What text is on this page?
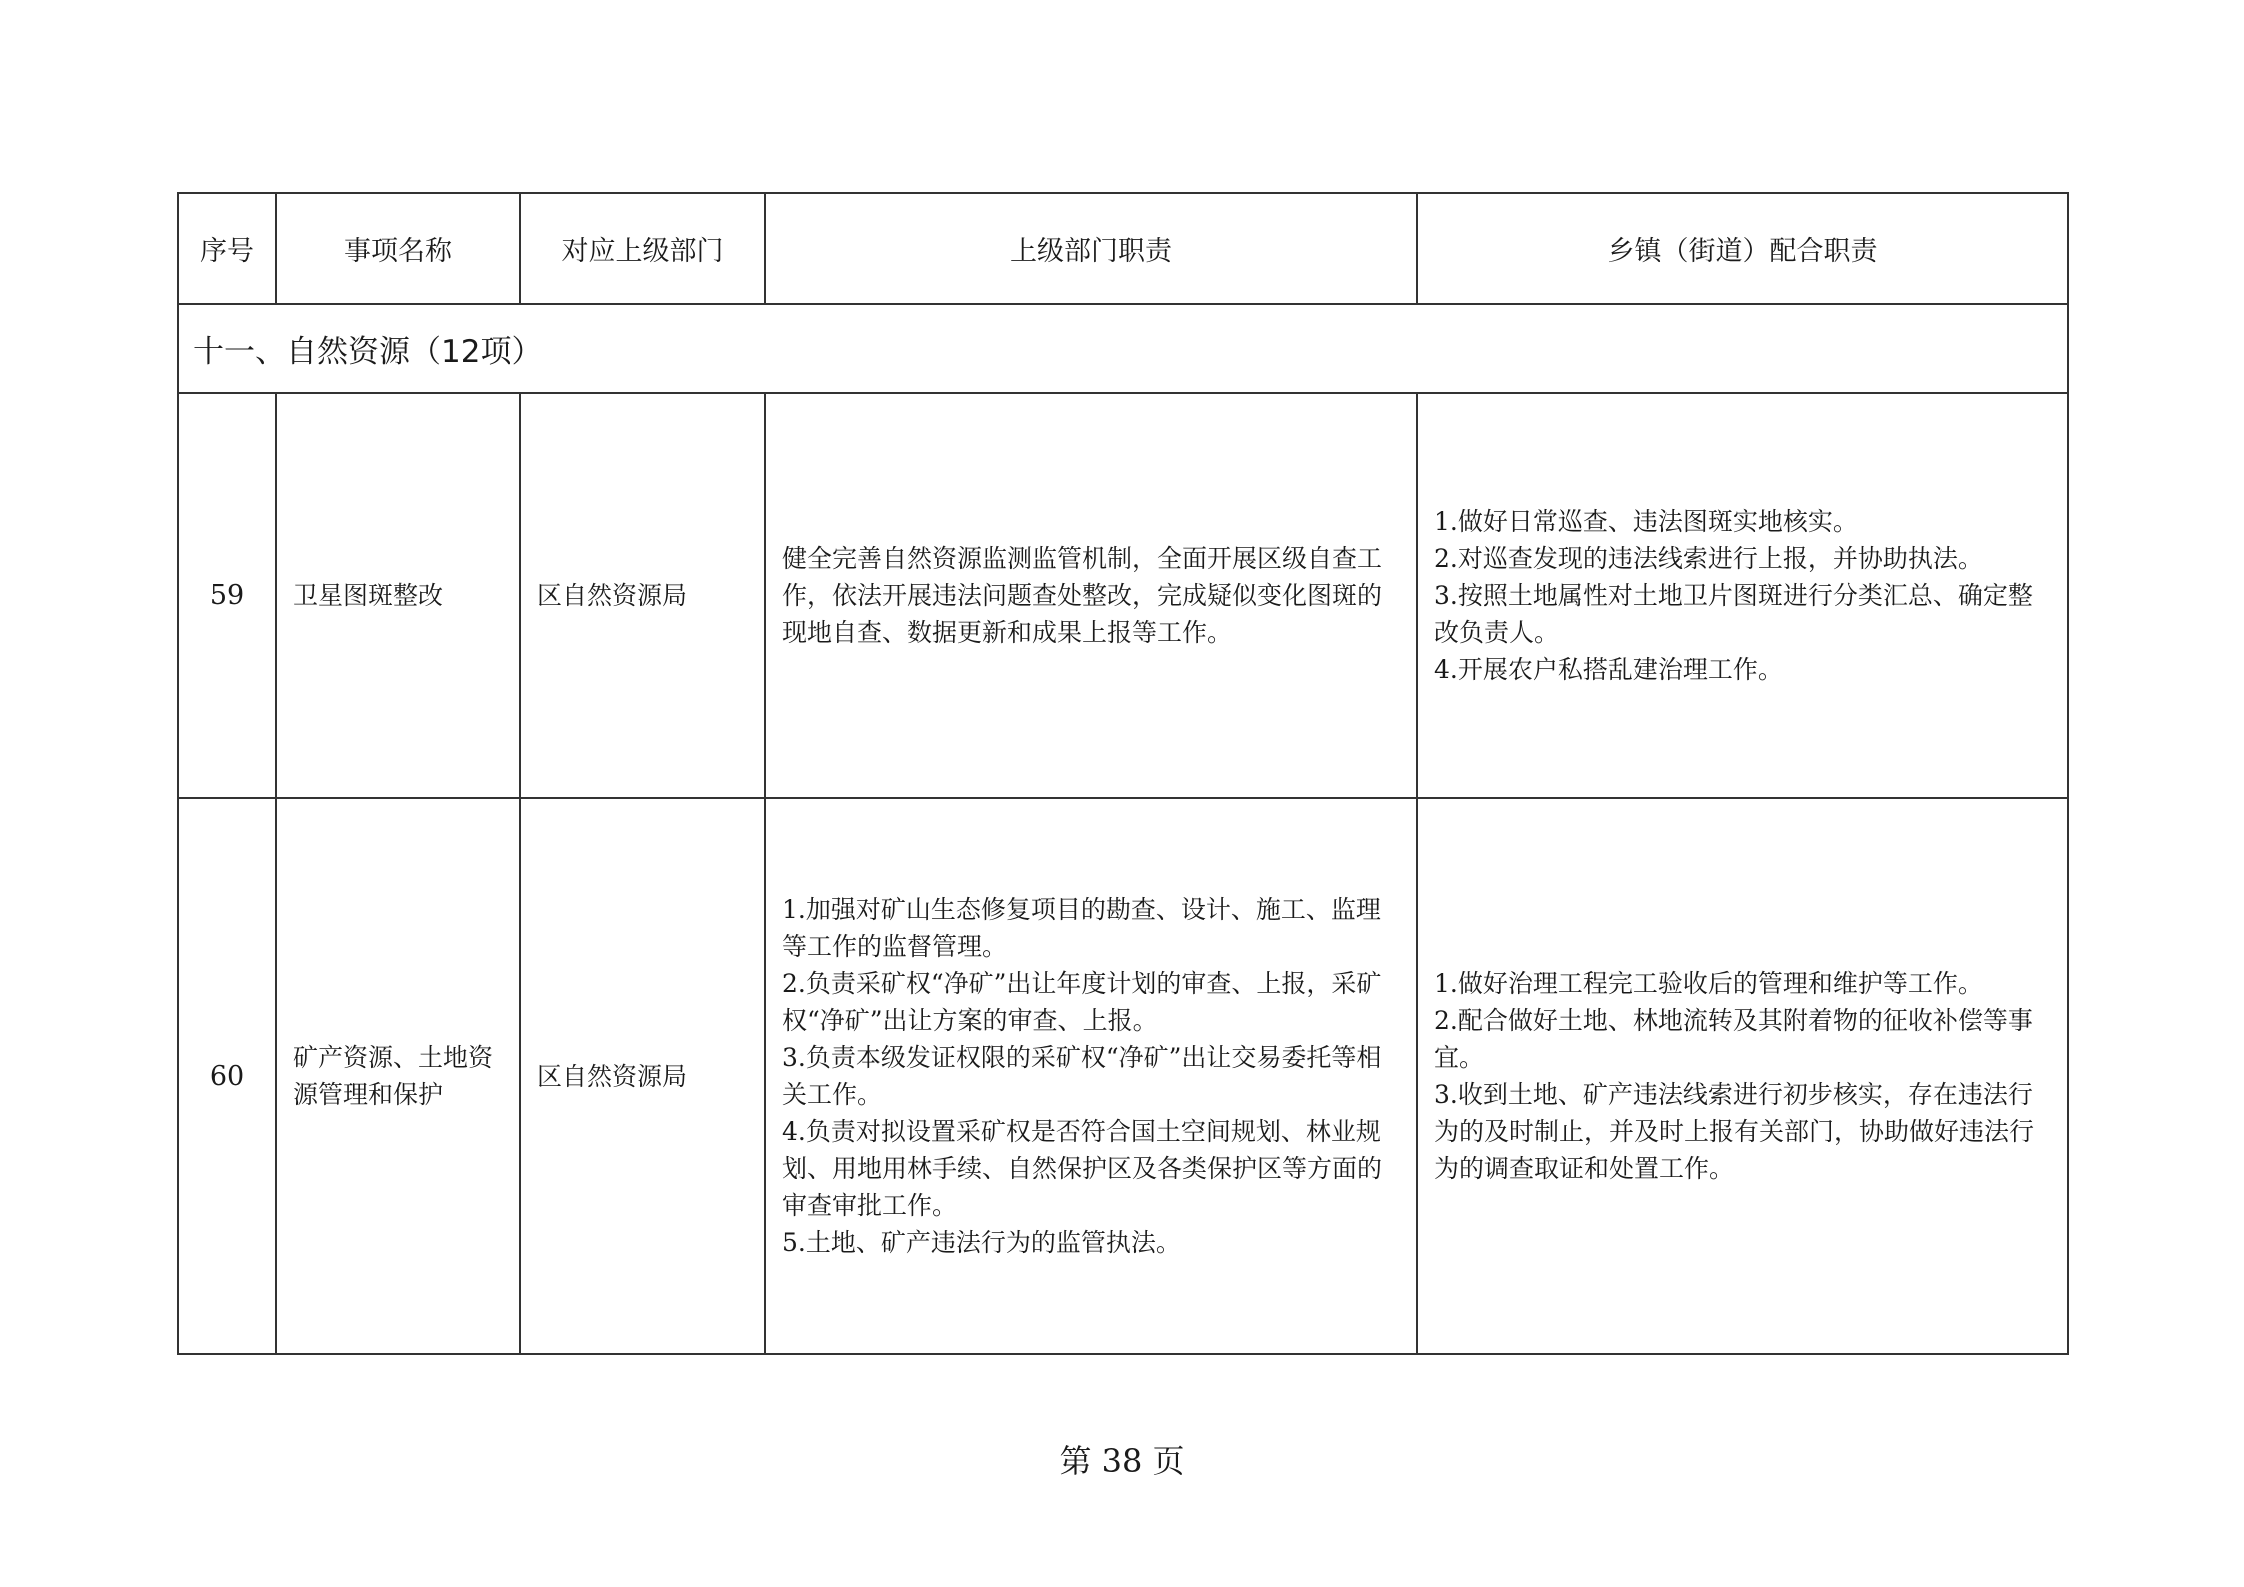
序号	事项名称	对应上级部门	上级部门职责	乡镇（街道）配合职责
十一、自然资源（12项）				
59	卫星图斑整改	区自然资源局	健全完善自然资源监测监管机制，全面开展区级自查工作，依法开展违法问题查处整改，完成疑似变化图斑的现地自查、数据更新和成果上报等工作。	1.做好日常巡查、违法图斑实地核实。
2.对巡查发现的违法线索进行上报，并协助执法。
3.按照土地属性对土地卫片图斑进行分类汇总、确定整改负责人。
4.开展农户私搭乱建治理工作。

60	矿产资源、土地资源管理和保护	区自然资源局	1.加强对矿山生态修复项目的勘查、设计、施工、监理等工作的监督管理。
2.负责采矿权“净矿”出让年度计划的审查、上报，采矿权“净矿”出让方案的审查、上报。
3.负责本级发证权限的采矿权“净矿”出让交易委托等相关工作。
4.负责对拟设置采矿权是否符合国土空间规划、林业规划、用地用林手续、自然保护区及各类保护区等方面的审查审批工作。
5.土地、矿产违法行为的监管执法。	1.做好治理工程完工验收后的管理和维护等工作。
2.配合做好土地、林地流转及其附着物的征收补偿等事宜。
3.收到土地、矿产违法线索进行初步核实，存在违法行为的及时制止，并及时上报有关部门，协助做好违法行为的调查取证和处置工作。
第 38 页
